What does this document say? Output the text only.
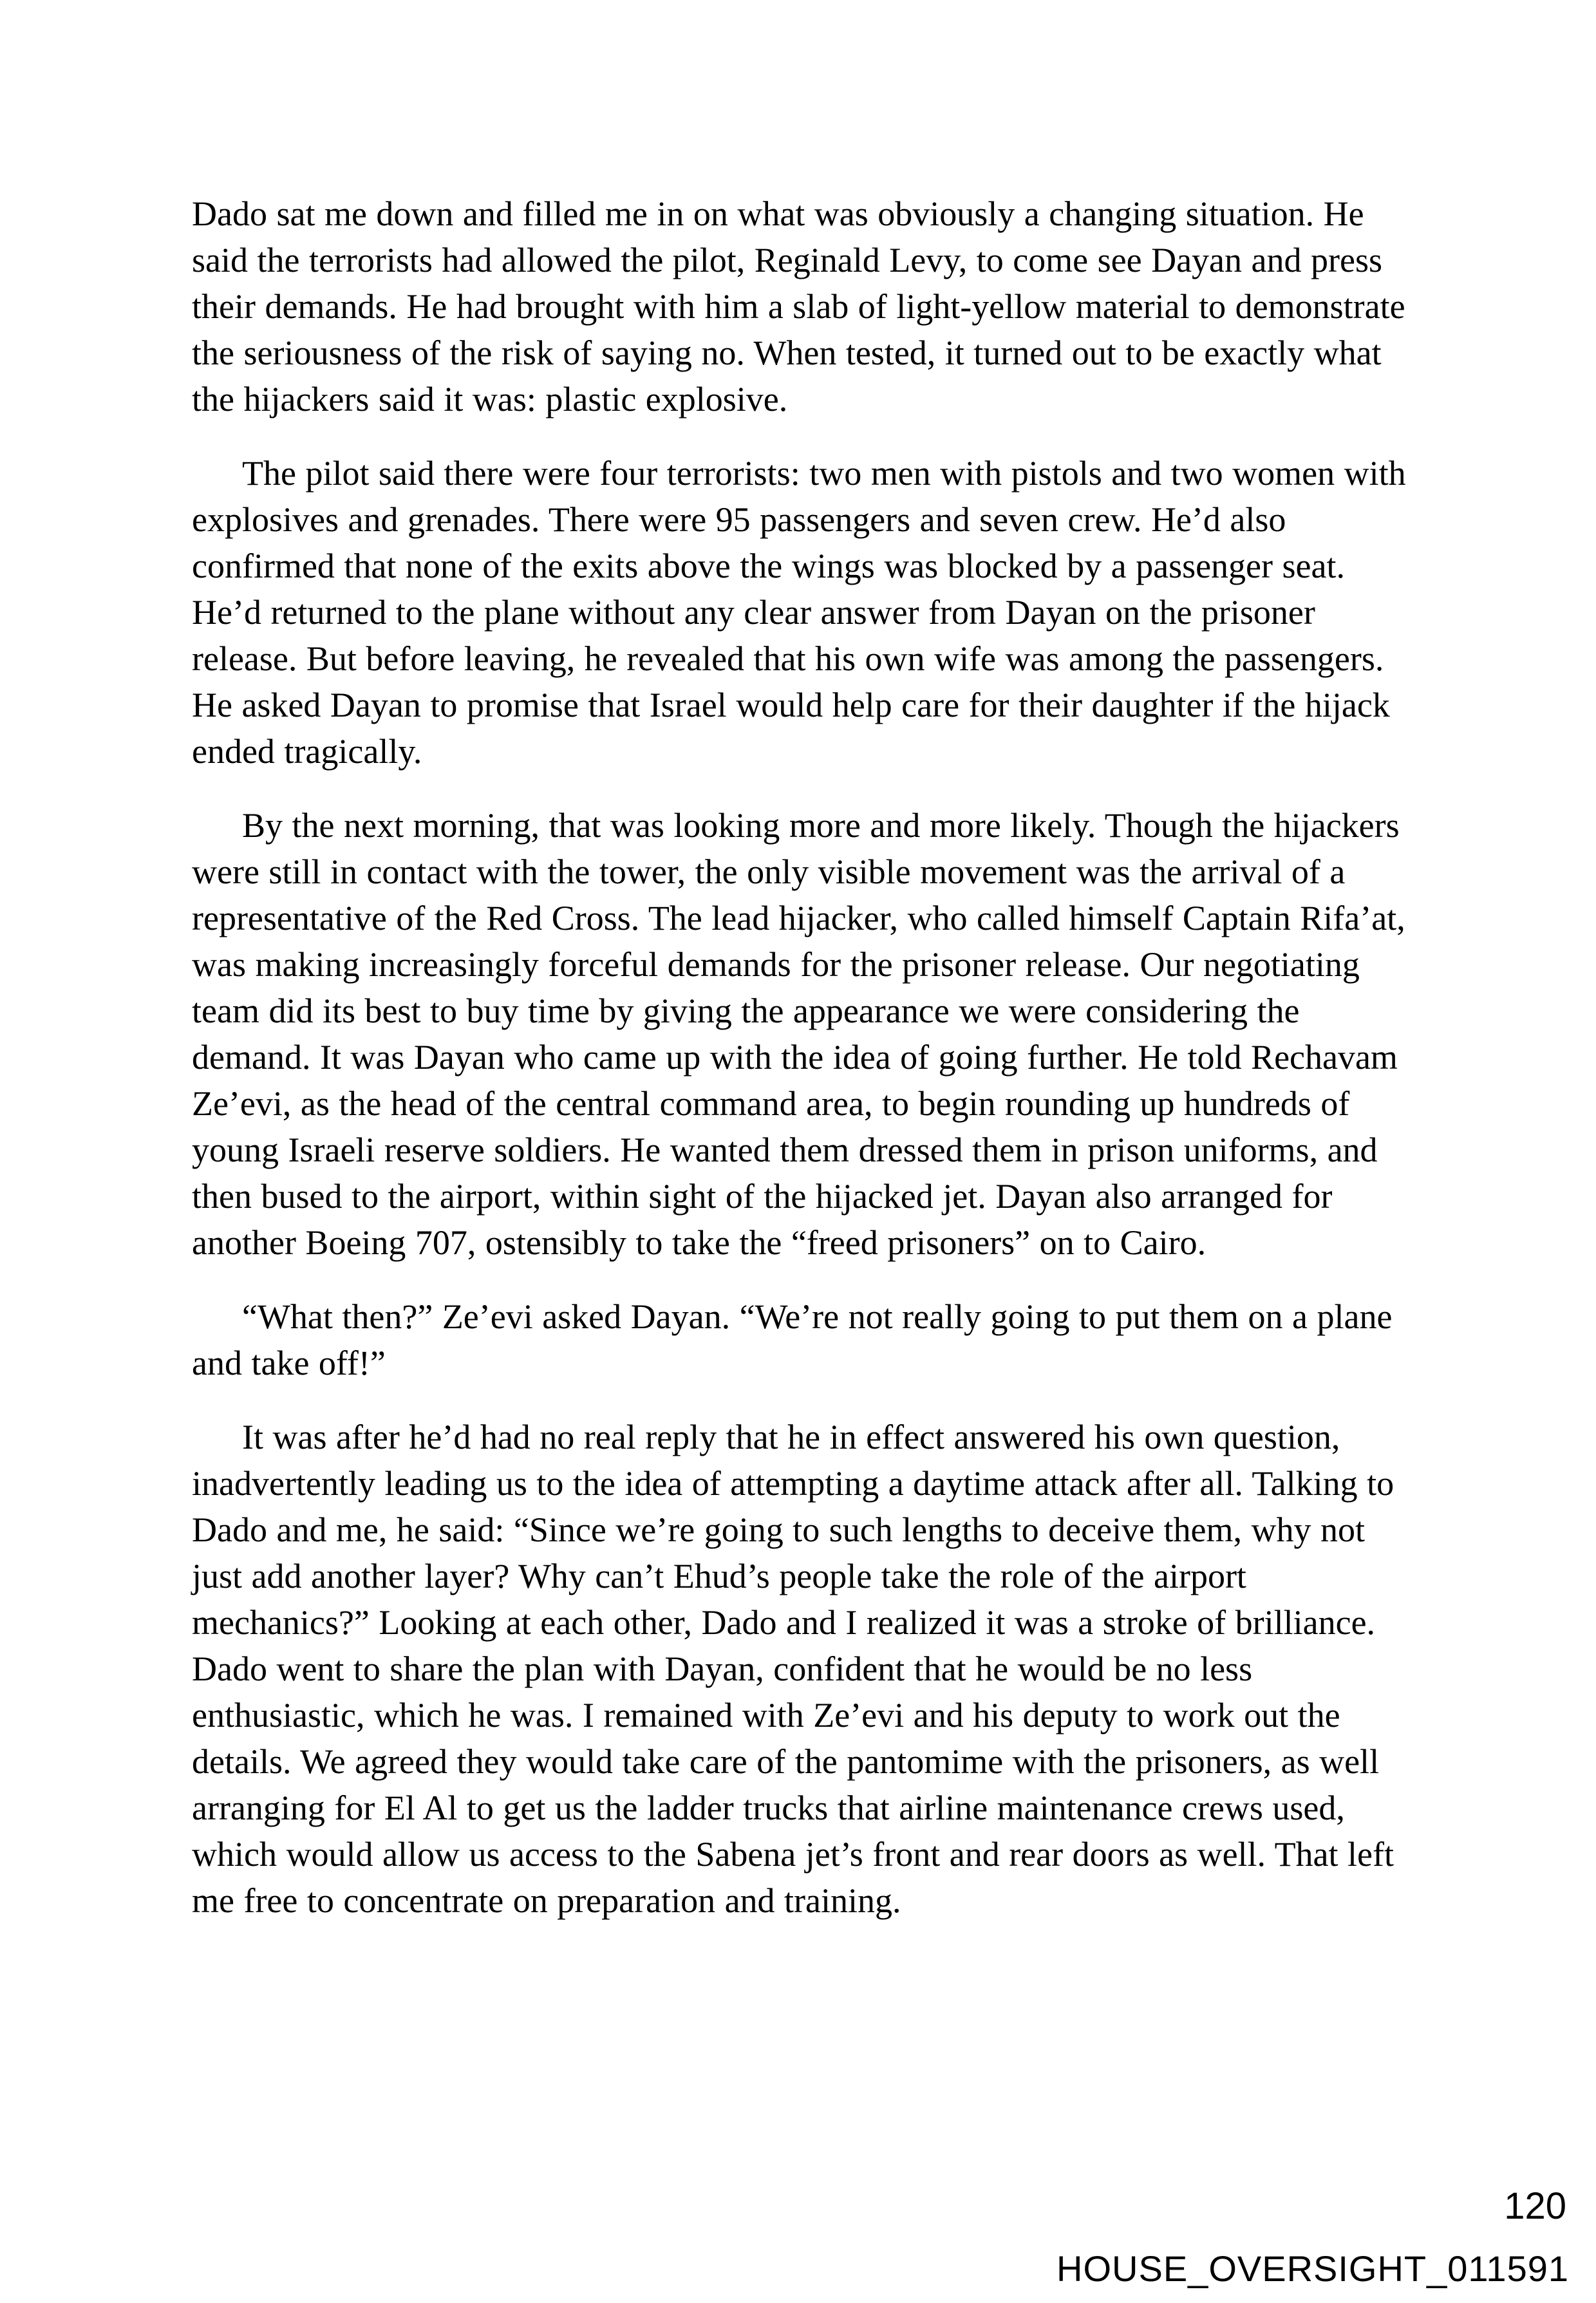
Dado sat me down and filled me in on what was obviously a changing situation. He said the terrorists had allowed the pilot, Reginald Levy, to come see Dayan and press their demands. He had brought with him a slab of light-yellow material to demonstrate the seriousness of the risk of saying no. When tested, it turned out to be exactly what the hijackers said it was: plastic explosive.

The pilot said there were four terrorists: two men with pistols and two women with explosives and grenades. There were 95 passengers and seven crew. He’d also confirmed that none of the exits above the wings was blocked by a passenger seat. He’d returned to the plane without any clear answer from Dayan on the prisoner release. But before leaving, he revealed that his own wife was among the passengers. He asked Dayan to promise that Israel would help care for their daughter if the hijack ended tragically.

By the next morning, that was looking more and more likely. Though the hijackers were still in contact with the tower, the only visible movement was the arrival of a representative of the Red Cross. The lead hijacker, who called himself Captain Rifa’at, was making increasingly forceful demands for the prisoner release. Our negotiating team did its best to buy time by giving the appearance we were considering the demand. It was Dayan who came up with the idea of going further. He told Rechavam Ze’evi, as the head of the central command area, to begin rounding up hundreds of young Israeli reserve soldiers. He wanted them dressed them in prison uniforms, and then bused to the airport, within sight of the hijacked jet. Dayan also arranged for another Boeing 707, ostensibly to take the “freed prisoners” on to Cairo.

“What then?” Ze’evi asked Dayan. “We’re not really going to put them on a plane and take off!”

It was after he’d had no real reply that he in effect answered his own question, inadvertently leading us to the idea of attempting a daytime attack after all. Talking to Dado and me, he said: “Since we’re going to such lengths to deceive them, why not just add another layer? Why can’t Ehud’s people take the role of the airport mechanics?” Looking at each other, Dado and I realized it was a stroke of brilliance. Dado went to share the plan with Dayan, confident that he would be no less enthusiastic, which he was. I remained with Ze’evi and his deputy to work out the details. We agreed they would take care of the pantomime with the prisoners, as well arranging for El Al to get us the ladder trucks that airline maintenance crews used, which would allow us access to the Sabena jet’s front and rear doors as well. That left me free to concentrate on preparation and training.

120
HOUSE_OVERSIGHT_011591
